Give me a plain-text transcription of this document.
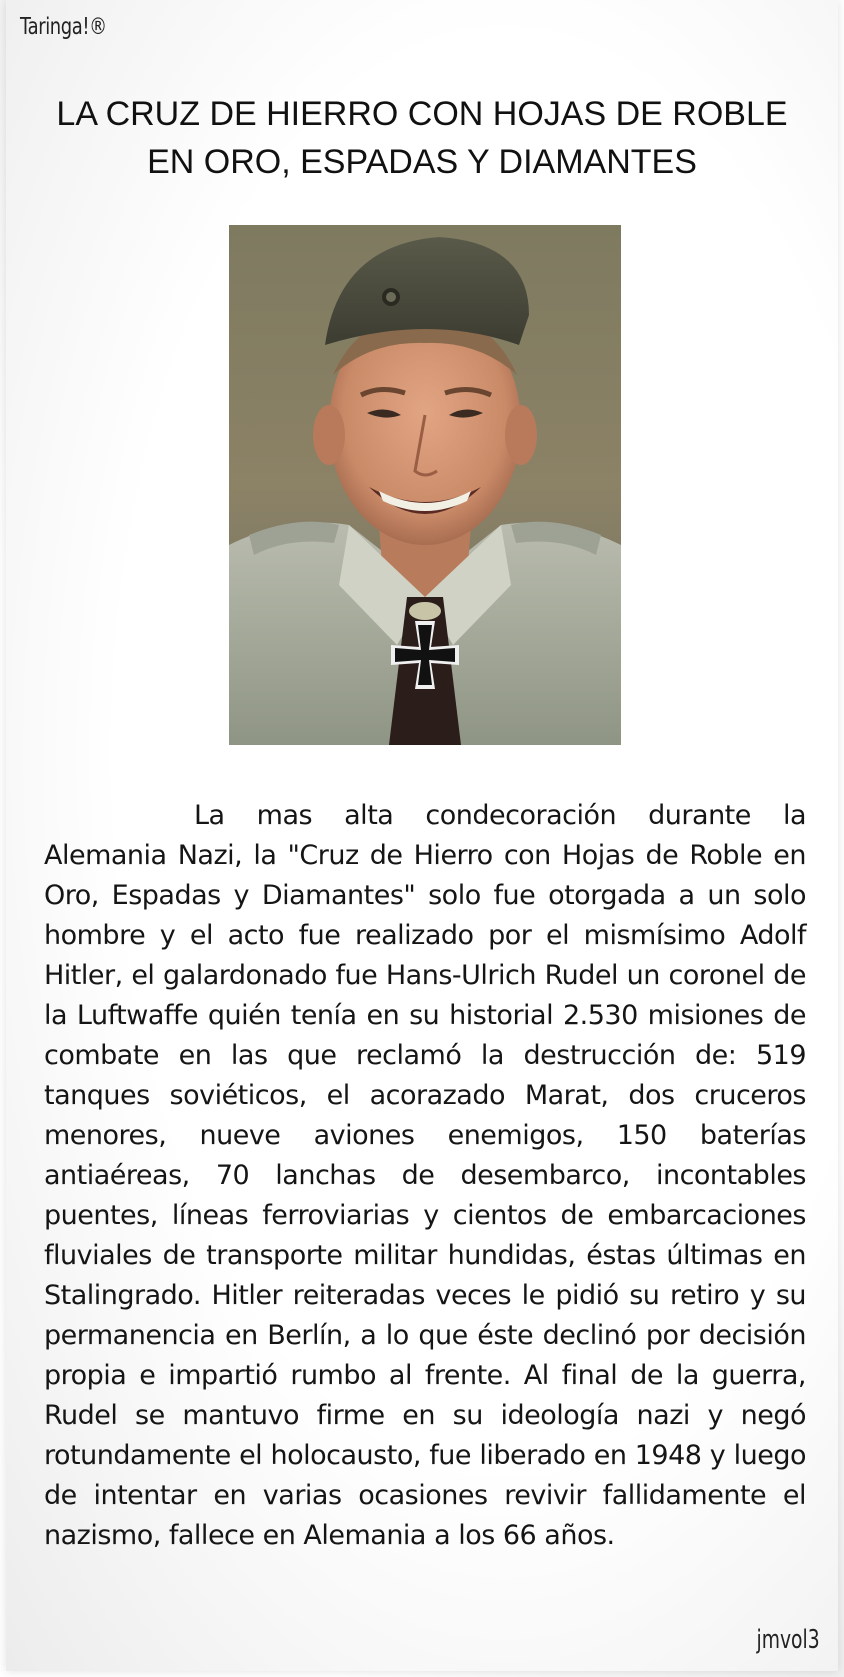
Taringa!®
LA CRUZ DE HIERRO CON HOJAS DE ROBLE
EN ORO, ESPADAS Y DIAMANTES
La mas alta condecoración durante la Alemania Nazi, la "Cruz de Hierro con Hojas de Roble en Oro, Espadas y Diamantes" solo fue otorgada a un solo hombre y el acto fue realizado por el mismísimo Adolf Hitler, el galardonado fue Hans-Ulrich Rudel un coronel de la Luftwaffe quién tenía en su historial 2.530 misiones de combate en las que reclamó la destrucción de: 519 tanques soviéticos, el acorazado Marat, dos cruceros menores, nueve aviones enemigos, 150 baterías antiaéreas, 70 lanchas de desembarco, incontables puentes, líneas ferroviarias y cientos de embarcaciones fluviales de transporte militar hundidas, éstas últimas en Stalingrado. Hitler reiteradas veces le pidió su retiro y su permanencia en Berlín, a lo que éste declinó por decisión propia e impartió rumbo al frente. Al final de la guerra, Rudel se mantuvo firme en su ideología nazi y negó rotundamente el holocausto, fue liberado en 1948 y luego de intentar en varias ocasiones revivir fallidamente el nazismo, fallece en Alemania a los 66 años.
jmvol3
